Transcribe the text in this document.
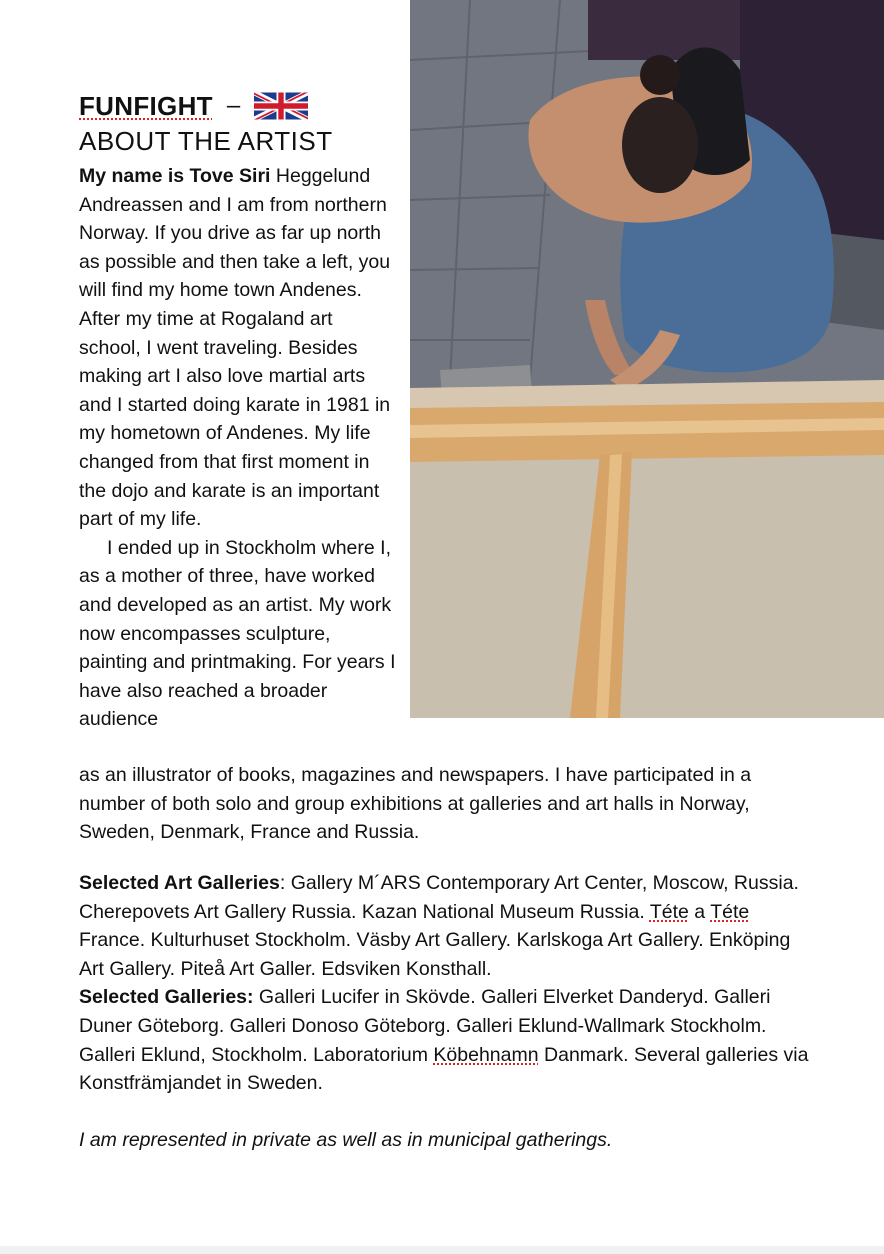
FUNFIGHT –
ABOUT THE ARTIST

My name is Tove Siri Heggelund Andreassen and I am from northern Norway. If you drive as far up north as possible and then take a left, you will find my home town Andenes. After my time at Rogaland art school, I went traveling. Besides making art I also love martial arts and I started doing karate in 1981 in my hometown of Andenes. My life changed from that first moment in the dojo and karate is an important part of my life.

I ended up in Stockholm where I, as a mother of three, have worked and developed as an artist. My work now encompasses sculpture, painting and printmaking. For years I have also reached a broader audience

as an illustrator of books, magazines and newspapers. I have participated in a number of both solo and group exhibitions at galleries and art halls in Norway, Sweden, Denmark, France and Russia.

Selected Art Galleries: Gallery M´ARS Contemporary Art Center, Moscow, Russia. Cherepovets Art Gallery Russia. Kazan National Museum Russia. Téte a Téte France. Kulturhuset Stockholm. Väsby Art Gallery. Karlskoga Art Gallery. Enköping Art Gallery. Piteå Art Galler. Edsviken Konsthall.

Selected Galleries: Galleri Lucifer in Skövde. Galleri Elverket Danderyd. Galleri Duner Göteborg. Galleri Donoso Göteborg. Galleri Eklund-Wallmark Stockholm. Galleri Eklund, Stockholm. Laboratorium Köbehnamn Danmark. Several galleries via Konstfrämjandet in Sweden.

I am represented in private as well as in municipal gatherings.
